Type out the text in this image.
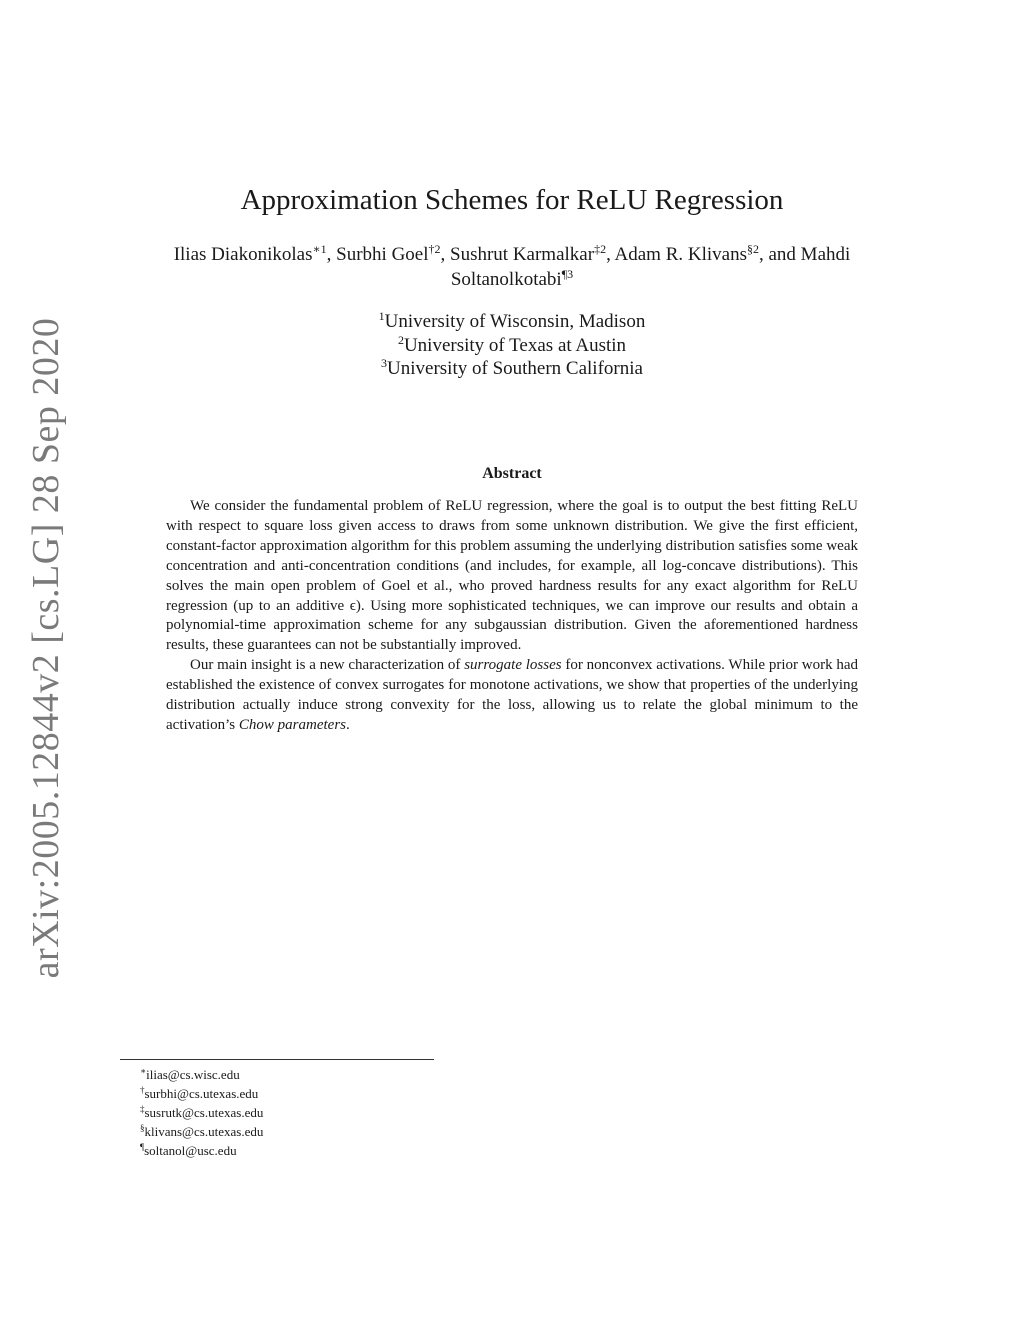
arXiv:2005.12844v2 [cs.LG] 28 Sep 2020
Approximation Schemes for ReLU Regression
Ilias Diakonikolas$^{∗1}$, Surbhi Goel$^{\dagger 2}$, Sushrut Karmalkar$^{\ddagger 2}$, Adam R. Klivans$^{\S 2}$, and Mahdi Soltanolkotabi$^{\P 3}$
$^1$University of Wisconsin, Madison
$^2$University of Texas at Austin
$^3$University of Southern California
Abstract

We consider the fundamental problem of ReLU regression, where the goal is to output the best fitting ReLU with respect to square loss given access to draws from some unknown distribution. We give the first efficient, constant-factor approximation algorithm for this problem assuming the underlying distribution satisfies some weak concentration and anti-concentration conditions (and includes, for example, all log-concave distributions). This solves the main open problem of Goel et al., who proved hardness results for any exact algorithm for ReLU regression (up to an additive ϵ). Using more sophisticated techniques, we can improve our results and obtain a polynomial-time approximation scheme for any subgaussian distribution. Given the aforementioned hardness results, these guarantees can not be substantially improved.

Our main insight is a new characterization of surrogate losses for nonconvex activations. While prior work had established the existence of convex surrogates for monotone activations, we show that properties of the underlying distribution actually induce strong convexity for the loss, allowing us to relate the global minimum to the activation’s Chow parameters.

∗ilias@cs.wisc.edu
†surbhi@cs.utexas.edu
‡susrutk@cs.utexas.edu
§klivans@cs.utexas.edu
¶soltanol@usc.edu
